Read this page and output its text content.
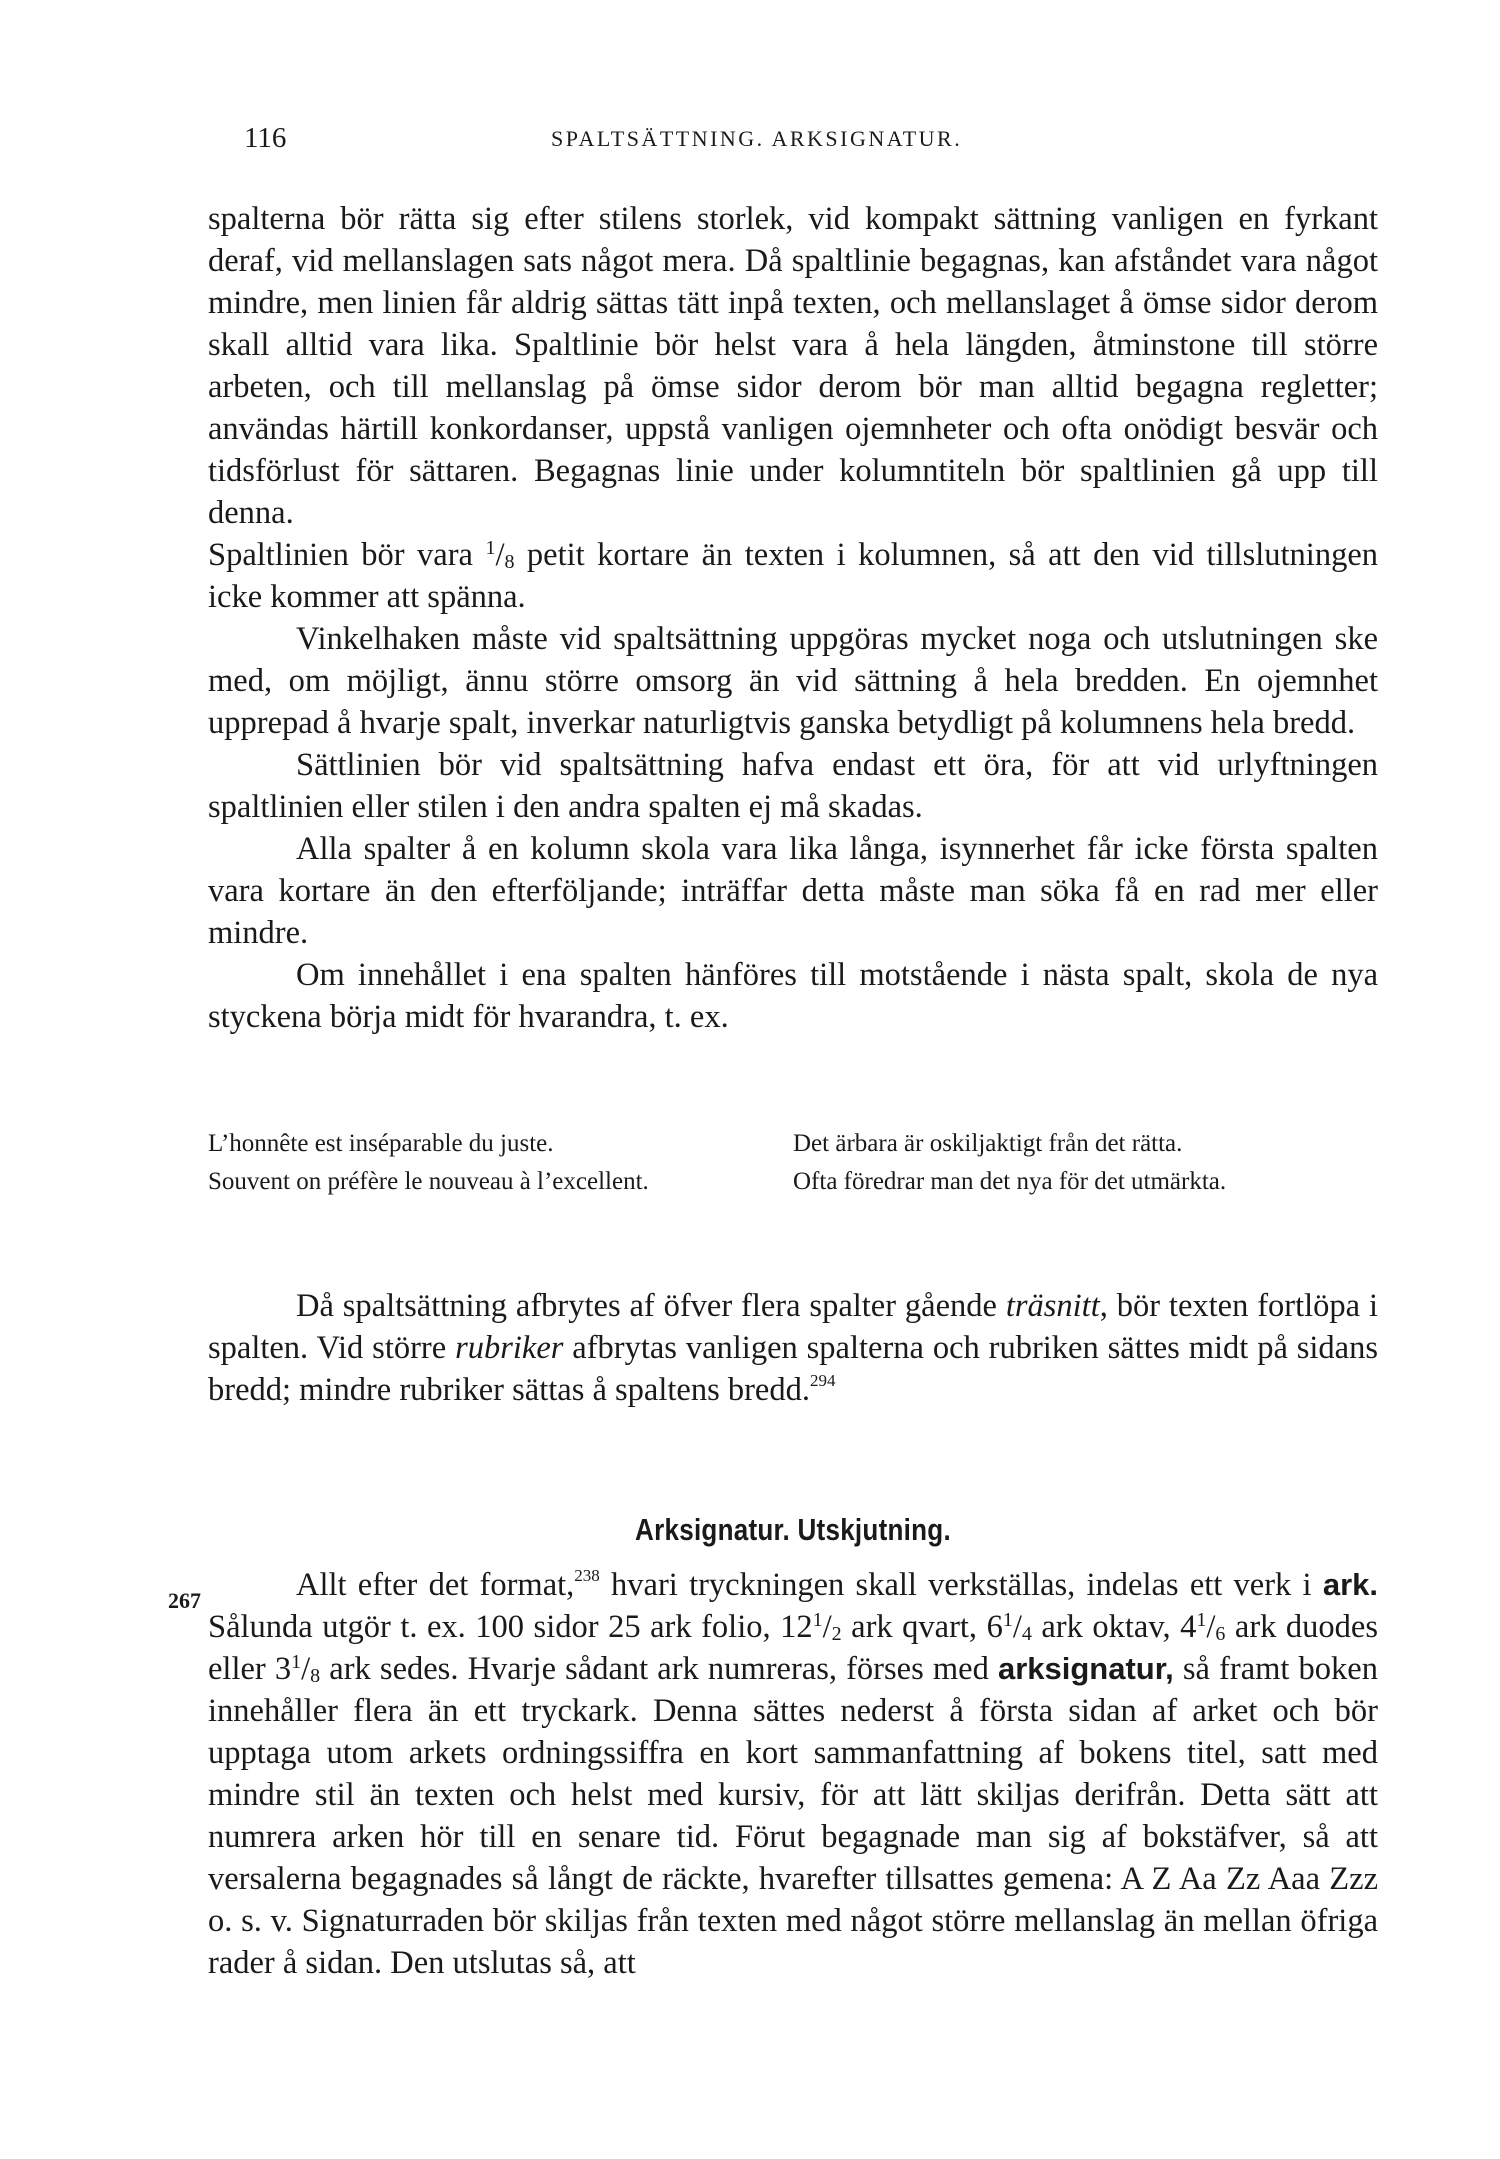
116	SPALTSÄTTNING. ARKSIGNATUR.

spalterna bör rätta sig efter stilens storlek, vid kompakt sättning vanligen en fyrkant deraf, vid mellanslagen sats något mera. Då spaltlinie begagnas, kan afståndet vara något mindre, men linien får aldrig sättas tätt inpå texten, och mellanslaget å ömse sidor derom skall alltid vara lika. Spaltlinie bör helst vara å hela längden, åtminstone till större arbeten, och till mellanslag på ömse sidor derom bör man alltid begagna regletter; användas härtill konkordanser, uppstå vanligen ojemnheter och ofta onödigt besvär och tidsförlust för sättaren. Begagnas linie under kolumntiteln bör spaltlinien gå upp till denna.

Spaltlinien bör vara $^1/_8$ petit kortare än texten i kolumnen, så att den vid tillslutningen icke kommer att spänna.

Vinkelhaken måste vid spaltsättning uppgöras mycket noga och utslutningen ske med, om möjligt, ännu större omsorg än vid sättning å hela bredden. En ojemnhet upprepad å hvarje spalt, inverkar naturligtvis ganska betydligt på kolumnens hela bredd.

Sättlinien bör vid spaltsättning hafva endast ett öra, för att vid urlyftningen spaltlinien eller stilen i den andra spalten ej må skadas.

Alla spalter å en kolumn skola vara lika långa, isynnerhet får icke första spalten vara kortare än den efterföljande; inträffar detta måste man söka få en rad mer eller mindre.

Om innehållet i ena spalten hänföres till motstående i nästa spalt, skola de nya styckena börja midt för hvarandra, t. ex.

L’honnête est inséparable du juste.	Det ärbara är oskiljaktigt från det rätta.
Souvent on préfère le nouveau à l’excellent.	Ofta föredrar man det nya för det utmärkta.

Då spaltsättning afbrytes af öfver flera spalter gående träsnitt, bör texten fortlöpa i spalten. Vid större rubriker afbrytas vanligen spalterna och rubriken sättes midt på sidans bredd; mindre rubriker sättas å spaltens bredd.$^{294}$

Arksignatur. Utskjutning.
267	Allt efter det format,$^{238}$ hvari tryckningen skall verkställas, indelas ett verk i ark. Sålunda utgör t. ex. 100 sidor 25 ark folio, $12^1/_2$ ark qvart, $6^1/_4$ ark oktav, $4^1/_6$ ark duodes eller $3^1/_8$ ark sedes. Hvarje sådant ark numreras, förses med arksignatur, så framt boken innehåller flera än ett tryckark. Denna sättes nederst å första sidan af arket och bör upptaga utom arkets ordningssiffra en kort sammanfattning af bokens titel, satt med mindre stil än texten och helst med kursiv, för att lätt skiljas derifrån. Detta sätt att numrera arken hör till en senare tid. Förut begagnade man sig af bokstäfver, så att versalerna begagnades så långt de räckte, hvarefter tillsattes gemena: A Z Aa Zz Aaa Zzz o. s. v. Signaturraden bör skiljas från texten med något större mellanslag än mellan öfriga rader å sidan. Den utslutas så, att
